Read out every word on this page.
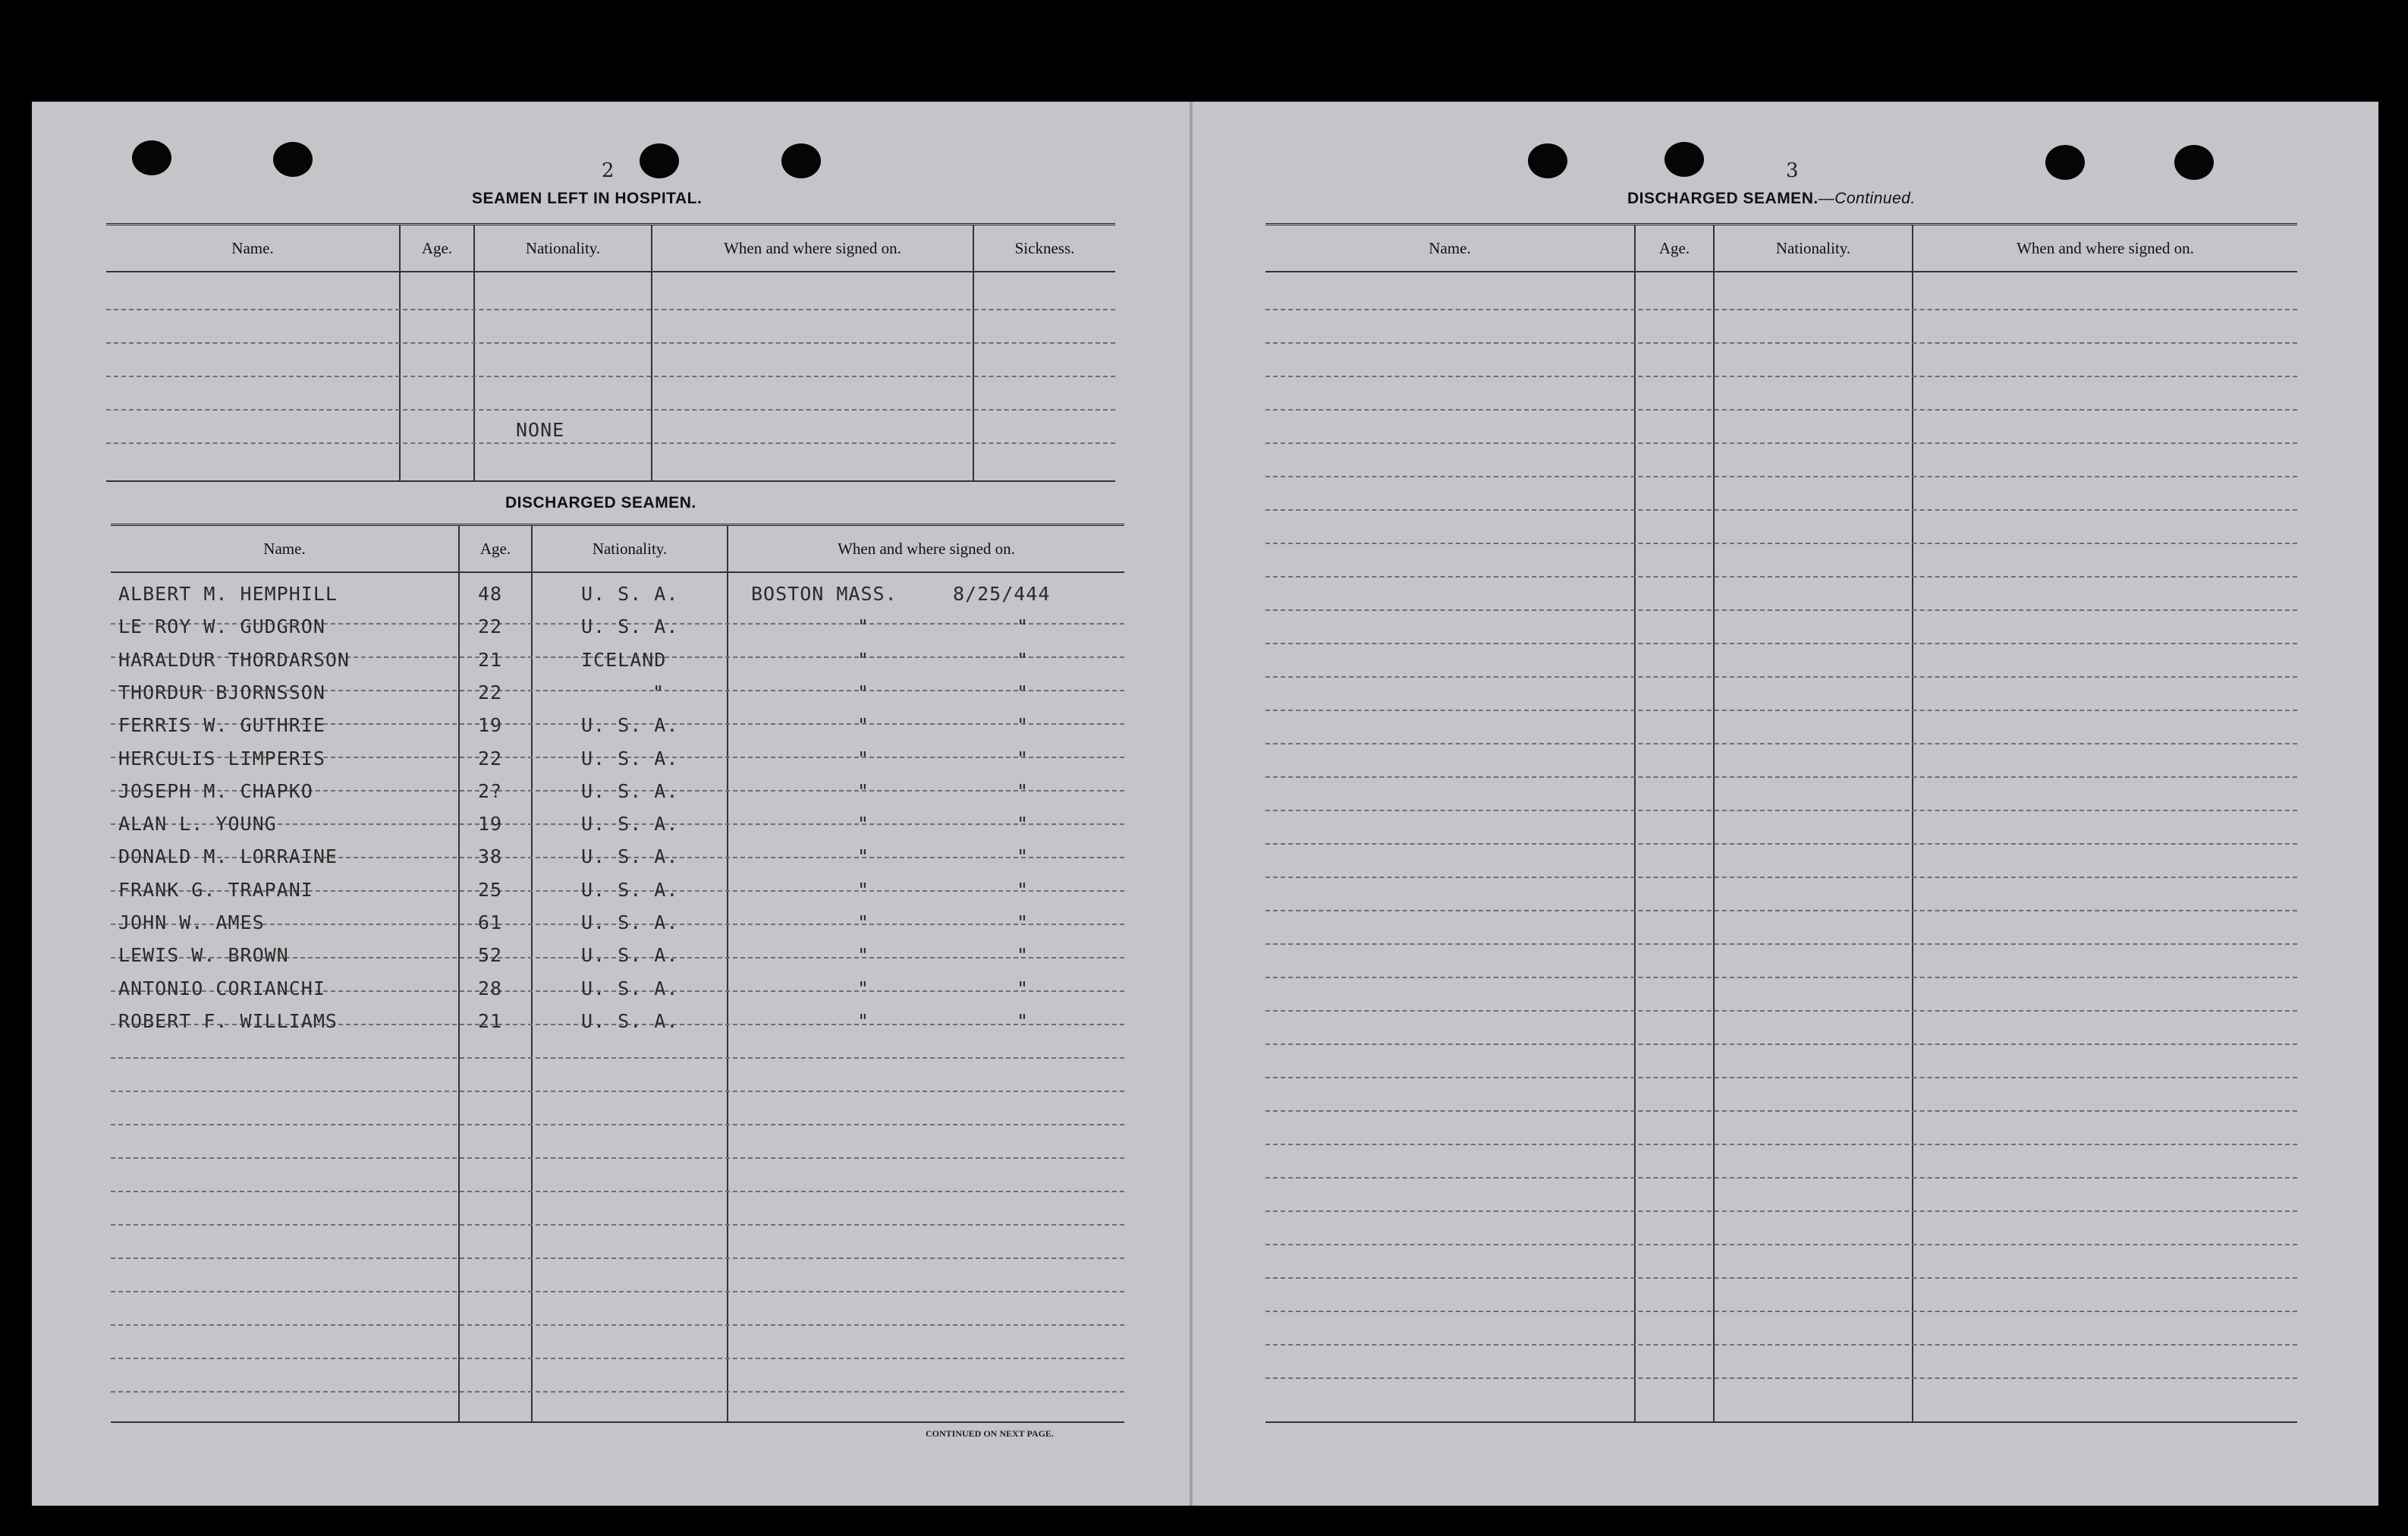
2
SEAMEN LEFT IN HOSPITAL.
Name.	Age.	Nationality.	When and where signed on.	Sickness.
NONE
DISCHARGED SEAMEN.
Name.	Age.	Nationality.	When and where signed on.
ALBERT M. HEMPHILL	48	U. S. A.	BOSTON MASS.	8/25/444
LE ROY W. GUDGRON	22	U. S. A.	"	"
HARALDUR THORDARSON	21	ICELAND	"	"
THORDUR BJORNSSON	22	"	"	"
FERRIS W. GUTHRIE	19	U. S. A.	"	"
HERCULIS LIMPERIS	22	U. S. A.	"	"
JOSEPH M. CHAPKO	2?	U. S. A.	"	"
ALAN L. YOUNG	19	U. S. A.	"	"
DONALD M. LORRAINE	38	U. S. A.	"	"
FRANK G. TRAPANI	25	U. S. A.	"	"
JOHN W. AMES	61	U. S. A.	"	"
LEWIS W. BROWN	52	U. S. A.	"	"
ANTONIO CORIANCHI	28	U. S. A.	"	"
ROBERT F. WILLIAMS	21	U. S. A.	"	"
CONTINUED ON NEXT PAGE.
3
DISCHARGED SEAMEN.—Continued.
Name.	Age.	Nationality.	When and where signed on.
